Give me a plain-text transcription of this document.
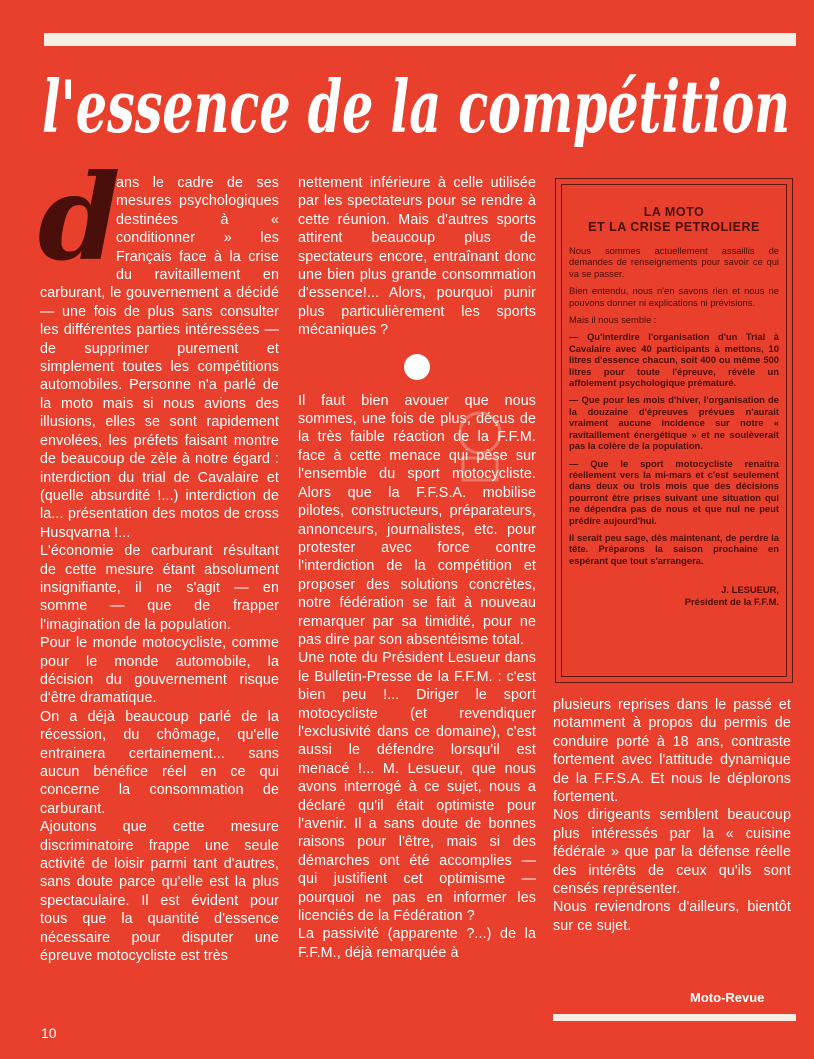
l'essence de la compétition
d

ans le cadre de ses mesures psychologiques destinées à « conditionner » les Français face à la crise du ravitaillement en carburant, le gouvernement a décidé — une fois de plus sans consulter les différentes parties intéressées — de supprimer purement et simplement toutes les compétitions automobiles. Personne n'a parlé de la moto mais si nous avions des illusions, elles se sont rapidement envolées, les préfets faisant montre de beaucoup de zèle à notre égard : interdiction du trial de Cavalaire et (quelle absurdité !...) interdiction de la... présentation des motos de cross Husqvarna !...

L'économie de carburant résultant de cette mesure étant absolument insignifiante, il ne s'agit — en somme — que de frapper l'imagination de la population.

Pour le monde motocycliste, comme pour le monde automobile, la décision du gouvernement risque d'être dramatique.

On a déjà beaucoup parlé de la récession, du chômage, qu'elle entrainera certainement... sans aucun bénéfice réel en ce qui concerne la consommation de carburant.

Ajoutons que cette mesure discriminatoire frappe une seule activité de loisir parmi tant d'autres, sans doute parce qu'elle est la plus spectaculaire. Il est évident pour tous que la quantité d'essence nécessaire pour disputer une épreuve motocycliste est très

nettement inférieure à celle utilisée par les spectateurs pour se rendre à cette réunion. Mais d'autres sports attirent beaucoup plus de spectateurs encore, entraînant donc une bien plus grande consommation d'essence!... Alors, pourquoi punir plus particulièrement les sports mécaniques ?

Il faut bien avouer que nous sommes, une fois de plus, déçus de la très faible réaction de la F.F.M. face à cette menace qui pèse sur l'ensemble du sport motocycliste. Alors que la F.F.S.A. mobilise pilotes, constructeurs, préparateurs, annonceurs, journalistes, etc. pour protester avec force contre l'interdiction de la compétition et proposer des solutions concrètes, notre fédération se fait à nouveau remarquer par sa timidité, pour ne pas dire par son absentéisme total.

Une note du Président Lesueur dans le Bulletin-Presse de la F.F.M. : c'est bien peu !... Diriger le sport motocycliste (et revendiquer l'exclusivité dans ce domaine), c'est aussi le défendre lorsqu'il est menacé !... M. Lesueur, que nous avons interrogé à ce sujet, nous a déclaré qu'il était optimiste pour l'avenir. Il a sans doute de bonnes raisons pour l'être, mais si des démarches ont été accomplies — qui justifient cet optimisme — pourquoi ne pas en informer les licenciés de la Fédération ?

La passivité (apparente ?...) de la F.F.M., déjà remarquée à

LA MOTO
ET LA CRISE PETROLIERE

Nous sommes actuellement assaillis de demandes de renseignements pour savoir ce qui va se passer.

Bien entendu, nous n'en savons rien et nous ne pouvons donner ni explications ni prévisions.

Mais il nous semble :

— Qu'interdire l'organisation d'un Trial à Cavalaire avec 40 participants à mettons, 10 litres d'essence chacun, soit 400 ou même 500 litres pour toute l'épreuve, révèle un affolement psychologique prématuré.

— Que pour les mois d'hiver, l'organisation de la douzaine d'épreuves prévues n'aurait vraiment aucune incidence sur notre « ravitaillement énergétique » et ne soulèverait pas la colère de la population.

— Que le sport motocycliste renaitra réellement vers la mi-mars et c'est seulement dans deux ou trois mois que des décisions pourront être prises suivant une situation qui ne dépendra pas de nous et que nul ne peut prédire aujourd'hui.

Il serait peu sage, dès maintenant, de perdre la tête. Préparons la saison prochaine en espérant que tout s'arrangera.

J. LESUEUR,
Président de la F.F.M.

plusieurs reprises dans le passé et notamment à propos du permis de conduire porté à 18 ans, contraste fortement avec l'attitude dynamique de la F.F.S.A. Et nous le déplorons fortement.

Nos dirigeants semblent beaucoup plus intéressés par la « cuisine fédérale » que par la défense réelle des intérêts de ceux qu'ils sont censés représenter.

Nous reviendrons d'ailleurs, bientôt sur ce sujet.

Moto-Revue
10
